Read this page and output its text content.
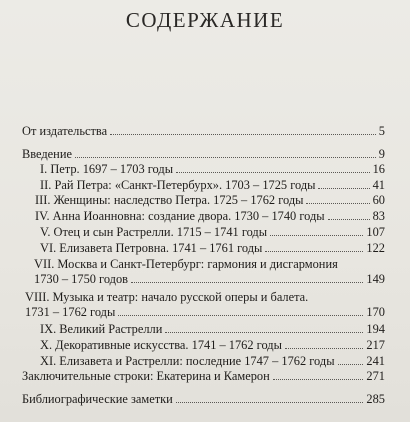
СОДЕРЖАНИЕ
От издательства	5
Введение	9
I. Петр. 1697 – 1703 годы	16
II. Рай Петра: «Санкт-Петербурх». 1703 – 1725 годы	41
III. Женщины: наследство Петра. 1725 – 1762 годы	60
IV. Анна Иоанновна: создание двора. 1730 – 1740 годы	83
V. Отец и сын Растрелли. 1715 – 1741 годы	107
VI. Елизавета Петровна. 1741 – 1761 годы	122
VII. Москва и Санкт-Петербург: гармония и дисгармония
1730 – 1750 годов	149
VIII. Музыка и театр: начало русской оперы и балета.
1731 – 1762 годы	170
IX. Великий Растрелли	194
X. Декоративные искусства. 1741 – 1762 годы	217
XI. Елизавета и Растрелли: последние 1747 – 1762 годы	241
Заключительные строки: Екатерина и Камерон	271
Библиографические заметки	285
